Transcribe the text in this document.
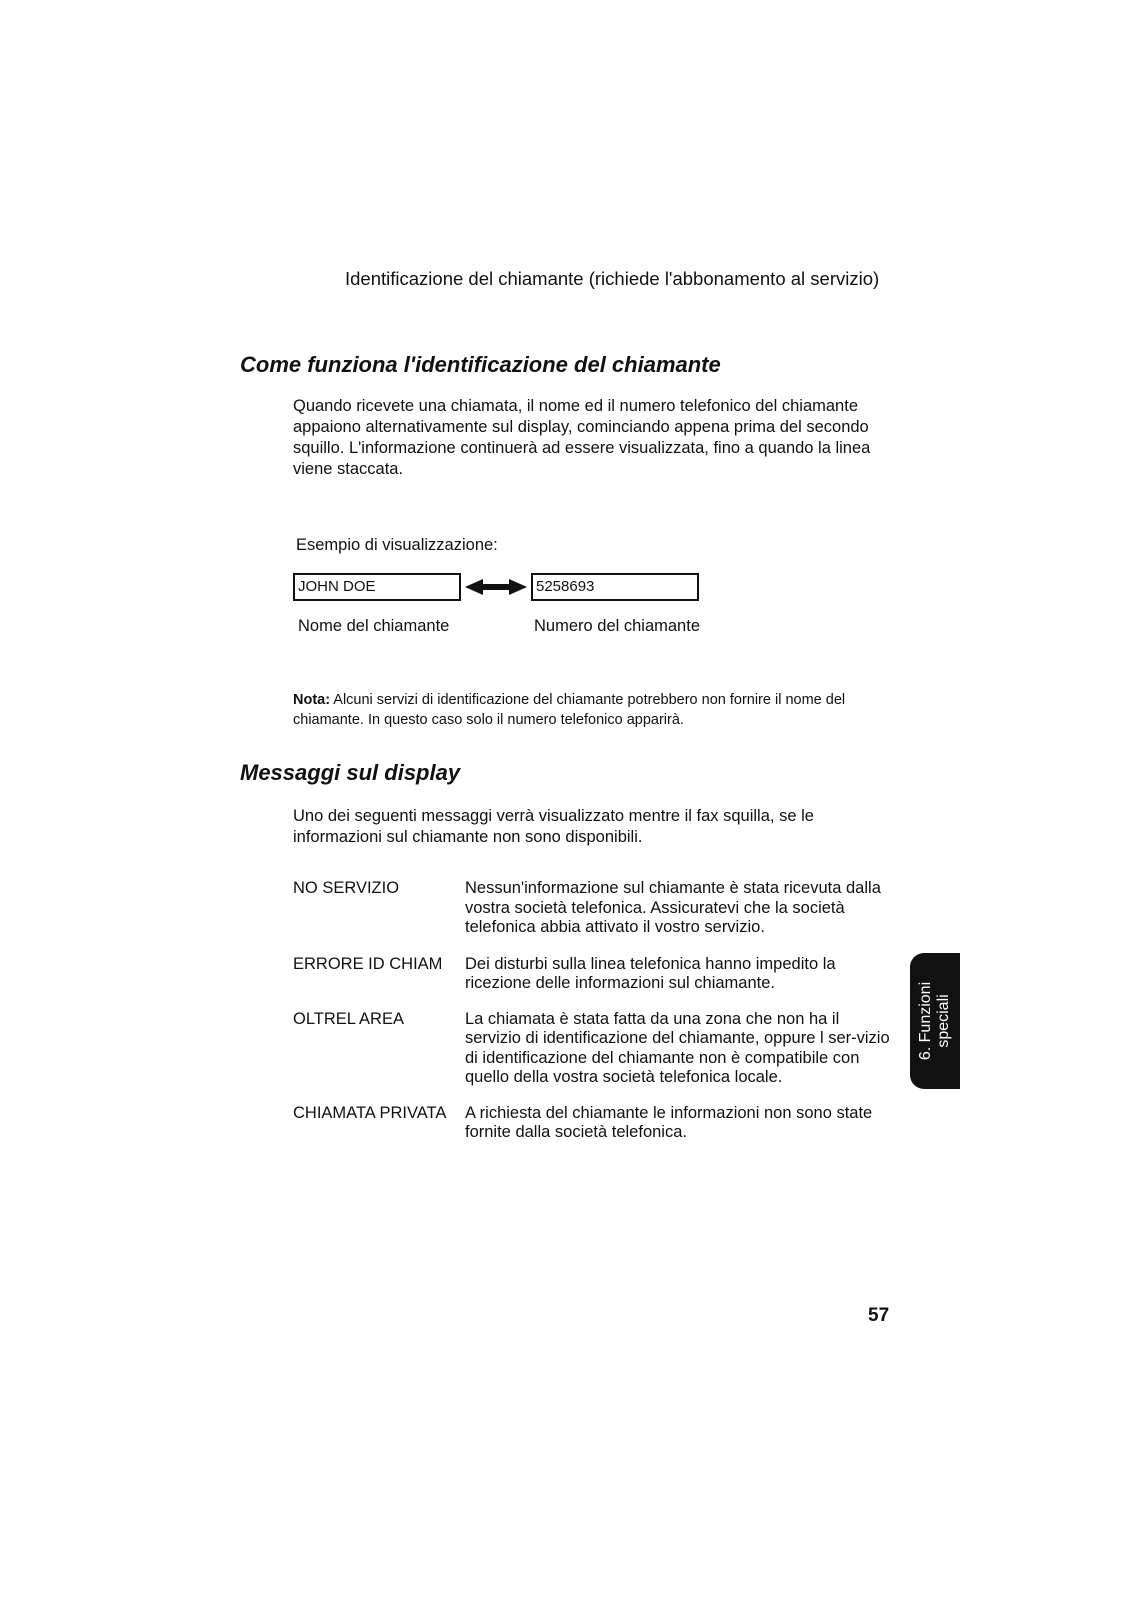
Identificazione del chiamante (richiede l'abbonamento al servizio)
Come funziona l'identificazione del chiamante
Quando ricevete una chiamata, il nome ed il numero telefonico del chiamante appaiono alternativamente sul display, cominciando appena prima del secondo squillo. L'informazione continuerà ad essere visualizzata, fino a quando la linea viene staccata.
Esempio di visualizzazione:
JOHN DOE	5258693
Nome del chiamante	Numero del chiamante
Nota: Alcuni servizi di identificazione del chiamante potrebbero non fornire il nome del chiamante. In questo caso solo il numero telefonico apparirà.
Messaggi sul display
Uno dei seguenti messaggi verrà visualizzato mentre il fax squilla, se le informazioni sul chiamante non sono disponibili.
NO SERVIZIO	Nessun'informazione sul chiamante è stata ricevuta dalla vostra società telefonica. Assicuratevi che la società telefonica abbia attivato il vostro servizio.
ERRORE ID CHIAM	Dei disturbi sulla linea telefonica hanno impedito la ricezione delle informazioni sul chiamante.
OLTREL AREA	La chiamata è stata fatta da una zona che non ha il servizio di identificazione del chiamante, oppure l ser-vizio di identificazione del chiamante non è compatibile con quello della vostra società telefonica locale.
CHIAMATA PRIVATA	A richiesta del chiamante le informazioni non sono state fornite dalla società telefonica.
6. Funzioni speciali
57
